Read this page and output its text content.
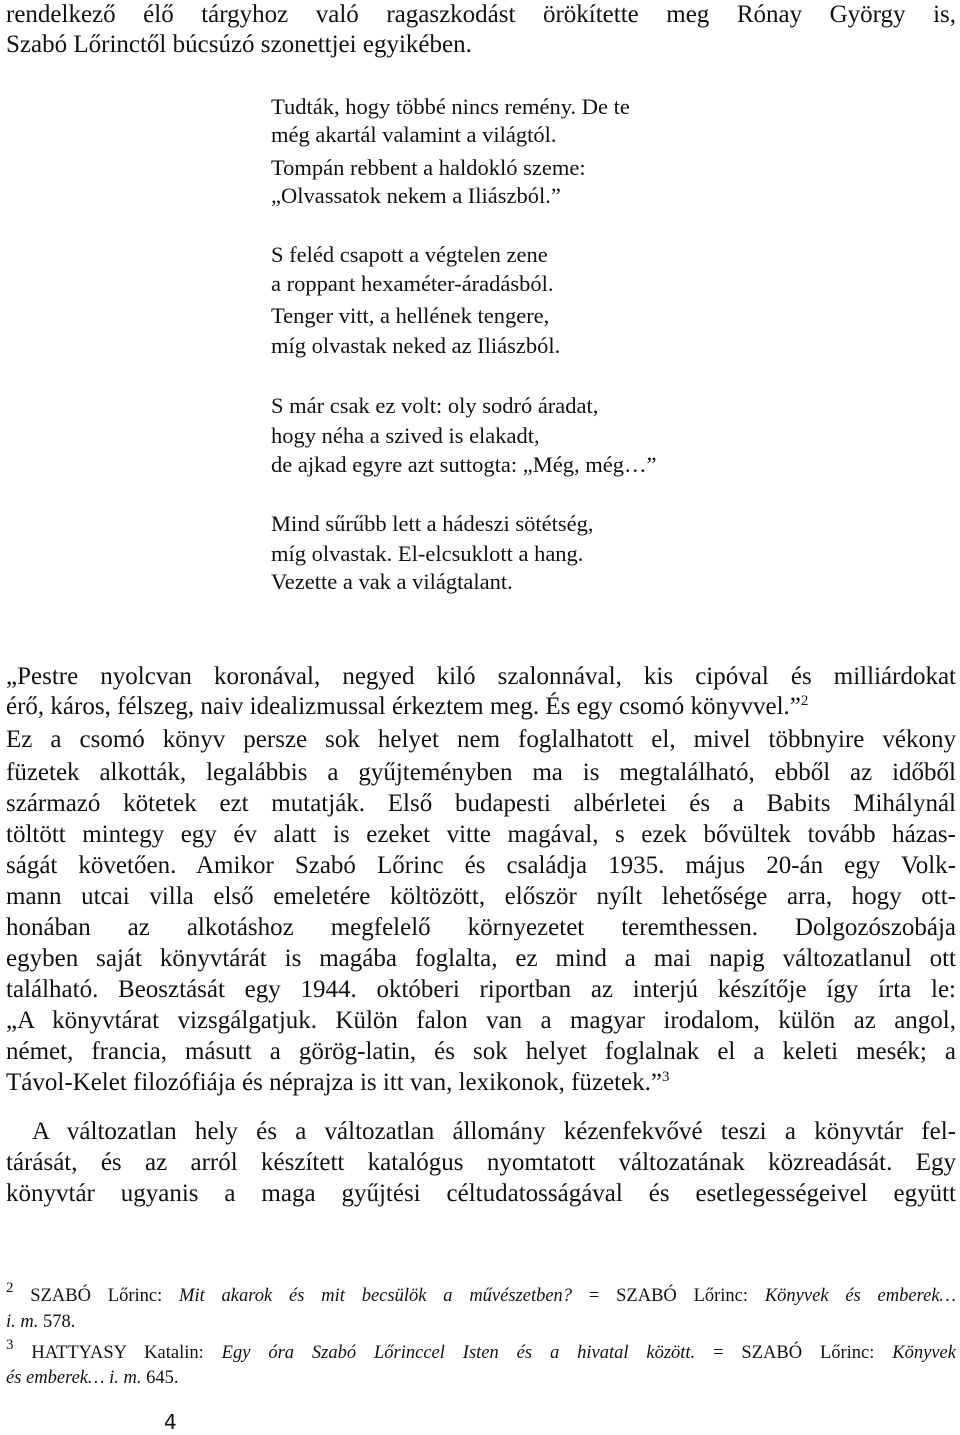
rendelkező élő tárgyhoz való ragaszkodást örökítette meg Rónay György is,
Szabó Lőrinctől búcsúzó szonettjei egyikében.
Tudták, hogy többé nincs remény. De te
még akartál valamint a világtól.
Tompán rebbent a haldokló szeme:
„Olvassatok nekem a Iliászból.”
S feléd csapott a végtelen zene
a roppant hexaméter-áradásból.
Tenger vitt, a hellének tengere,
míg olvastak neked az Iliászból.
S már csak ez volt: oly sodró áradat,
hogy néha a szived is elakadt,
de ajkad egyre azt suttogta: „Még, még…”
Mind sűrűbb lett a hádeszi sötétség,
míg olvastak. El-elcsuklott a hang.
Vezette a vak a világtalant.
„Pestre nyolcvan koronával, negyed kiló szalonnával, kis cipóval és milliárdokat
érő, káros, félszeg, naiv idealizmussal érkeztem meg. És egy csomó könyvvel.”$^2$
Ez a csomó könyv persze sok helyet nem foglalhatott el, mivel többnyire vékony
füzetek alkották, legalábbis a gyűjteményben ma is megtalálható, ebből az időből
származó kötetek ezt mutatják. Első budapesti albérletei és a Babits Mihálynál
töltött mintegy egy év alatt is ezeket vitte magával, s ezek bővültek tovább házas-
ságát követően. Amikor Szabó Lőrinc és családja 1935. május 20-án egy Volk-
mann utcai villa első emeletére költözött, először nyílt lehetősége arra, hogy ott-
honában az alkotáshoz megfelelő környezetet teremthessen. Dolgozószobája
egyben saját könyvtárát is magába foglalta, ez mind a mai napig változatlanul ott
található. Beosztását egy 1944. októberi riportban az interjú készítője így írta le:
„A könyvtárat vizsgálgatjuk. Külön falon van a magyar irodalom, külön az angol,
német, francia, másutt a görög-latin, és sok helyet foglalnak el a keleti mesék; a
Távol-Kelet filozófiája és néprajza is itt van, lexikonok, füzetek.”$^3$
A változatlan hely és a változatlan állomány kézenfekvővé teszi a könyvtár fel-
tárását, és az arról készített katalógus nyomtatott változatának közreadását. Egy
könyvtár ugyanis a maga gyűjtési céltudatosságával és esetlegességeivel együtt
$^2$ SZABÓ Lőrinc: Mit akarok és mit becsülök a művészetben? = SZABÓ Lőrinc: Könyvek és emberek…
i. m. 578.
$^3$ HATTYASY Katalin: Egy óra Szabó Lőrinccel Isten és a hivatal között. = SZABÓ Lőrinc: Könyvek
és emberek… i. m. 645.
4
